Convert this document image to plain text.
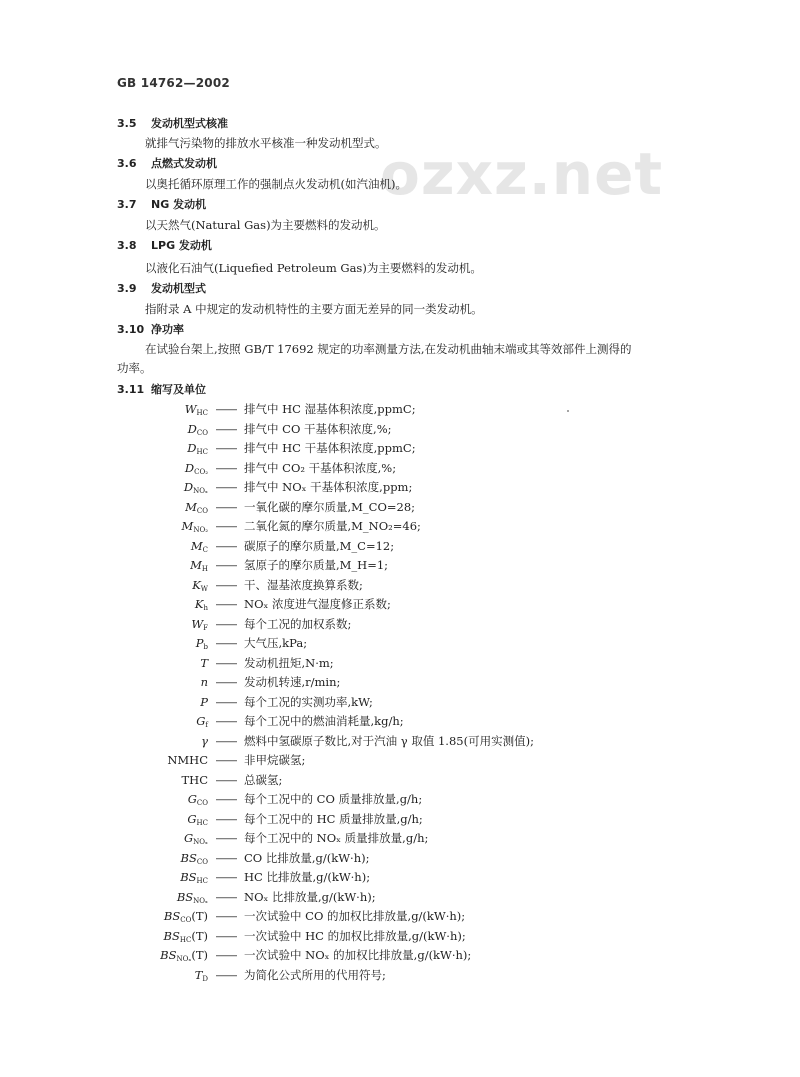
ozxz.net
GB 14762—2002
3.5 发动机型式核准
就排气污染物的排放水平核准一种发动机型式。
3.6 点燃式发动机
以奥托循环原理工作的强制点火发动机(如汽油机)。
3.7 NG 发动机
以天然气(Natural Gas)为主要燃料的发动机。
3.8 LPG 发动机
以液化石油气(Liquefied Petroleum Gas)为主要燃料的发动机。
3.9 发动机型式
指附录 A 中规定的发动机特性的主要方面无差异的同一类发动机。
3.10 净功率
在试验台架上,按照 GB/T 17692 规定的功率测量方法,在发动机曲轴末端或其等效部件上测得的
功率。
3.11 缩写及单位
$W_{HC}$ —— 排气中 HC 湿基体积浓度,ppmC;
$D_{CO}$ —— 排气中 CO 干基体积浓度,%;
$D_{HC}$ —— 排气中 HC 干基体积浓度,ppmC;
$D_{CO_2}$ —— 排气中 CO₂ 干基体积浓度,%;
$D_{NO_x}$ —— 排气中 NOₓ 干基体积浓度,ppm;
$M_{CO}$ —— 一氧化碳的摩尔质量,M_CO=28;
$M_{NO_2}$ —— 二氧化氮的摩尔质量,M_NO₂=46;
$M_C$ —— 碳原子的摩尔质量,M_C=12;
$M_H$ —— 氢原子的摩尔质量,M_H=1;
$K_W$ —— 干、湿基浓度换算系数;
$K_h$ —— NOₓ 浓度进气湿度修正系数;
$W_F$ —— 每个工况的加权系数;
$P_b$ —— 大气压,kPa;
T —— 发动机扭矩,N·m;
n —— 发动机转速,r/min;
P —— 每个工况的实测功率,kW;
$G_f$ —— 每个工况中的燃油消耗量,kg/h;
γ —— 燃料中氢碳原子数比,对于汽油 γ 取值 1.85(可用实测值);
NMHC —— 非甲烷碳氢;
THC —— 总碳氢;
$G_{CO}$ —— 每个工况中的 CO 质量排放量,g/h;
$G_{HC}$ —— 每个工况中的 HC 质量排放量,g/h;
$G_{NO_x}$ —— 每个工况中的 NOₓ 质量排放量,g/h;
$BS_{CO}$ —— CO 比排放量,g/(kW·h);
$BS_{HC}$ —— HC 比排放量,g/(kW·h);
$BS_{NO_x}$ —— NOₓ 比排放量,g/(kW·h);
$BS_{CO}(T)$ —— 一次试验中 CO 的加权比排放量,g/(kW·h);
$BS_{HC}(T)$ —— 一次试验中 HC 的加权比排放量,g/(kW·h);
$BS_{NO_x}(T)$ —— 一次试验中 NOₓ 的加权比排放量,g/(kW·h);
$T_D$ —— 为简化公式所用的代用符号;
